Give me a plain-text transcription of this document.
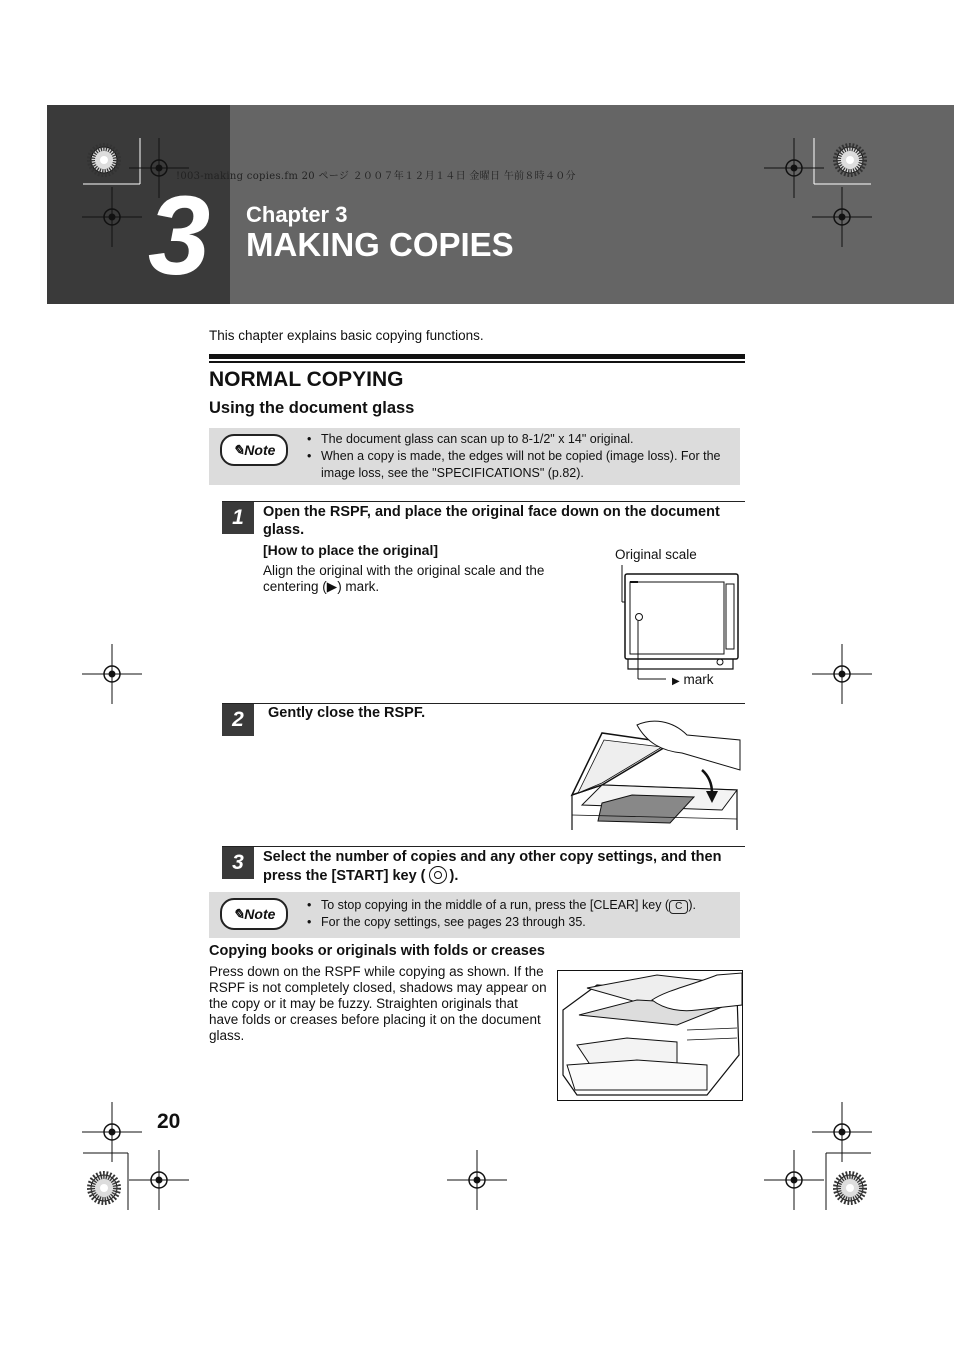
3 Chapter 3
MAKING COPIES
!003-making copies.fm 20 ページ ２００７年１２月１４日 金曜日 午前８時４０分
This chapter explains basic copying functions.
NORMAL COPYING
Using the document glass
✎Note
• The document glass can scan up to 8-1/2" x 14" original.
• When a copy is made, the edges will not be copied (image loss). For the image loss, see the "SPECIFICATIONS" (p.82).
1	Open the RSPF, and place the original face down on the document glass.
[How to place the original]
Align the original with the original scale and the centering (▶) mark.
Original scale
▶ mark
2	Gently close the RSPF.
3	Select the number of copies and any other copy settings, and then press the [START] key ( ).
✎Note
• To stop copying in the middle of a run, press the [CLEAR] key ( C ).
• For the copy settings, see pages 23 through 35.
Copying books or originals with folds or creases
Press down on the RSPF while copying as shown. If the RSPF is not completely closed, shadows may appear on the copy or it may be fuzzy. Straighten originals that have folds or creases before placing it on the document glass.
20
